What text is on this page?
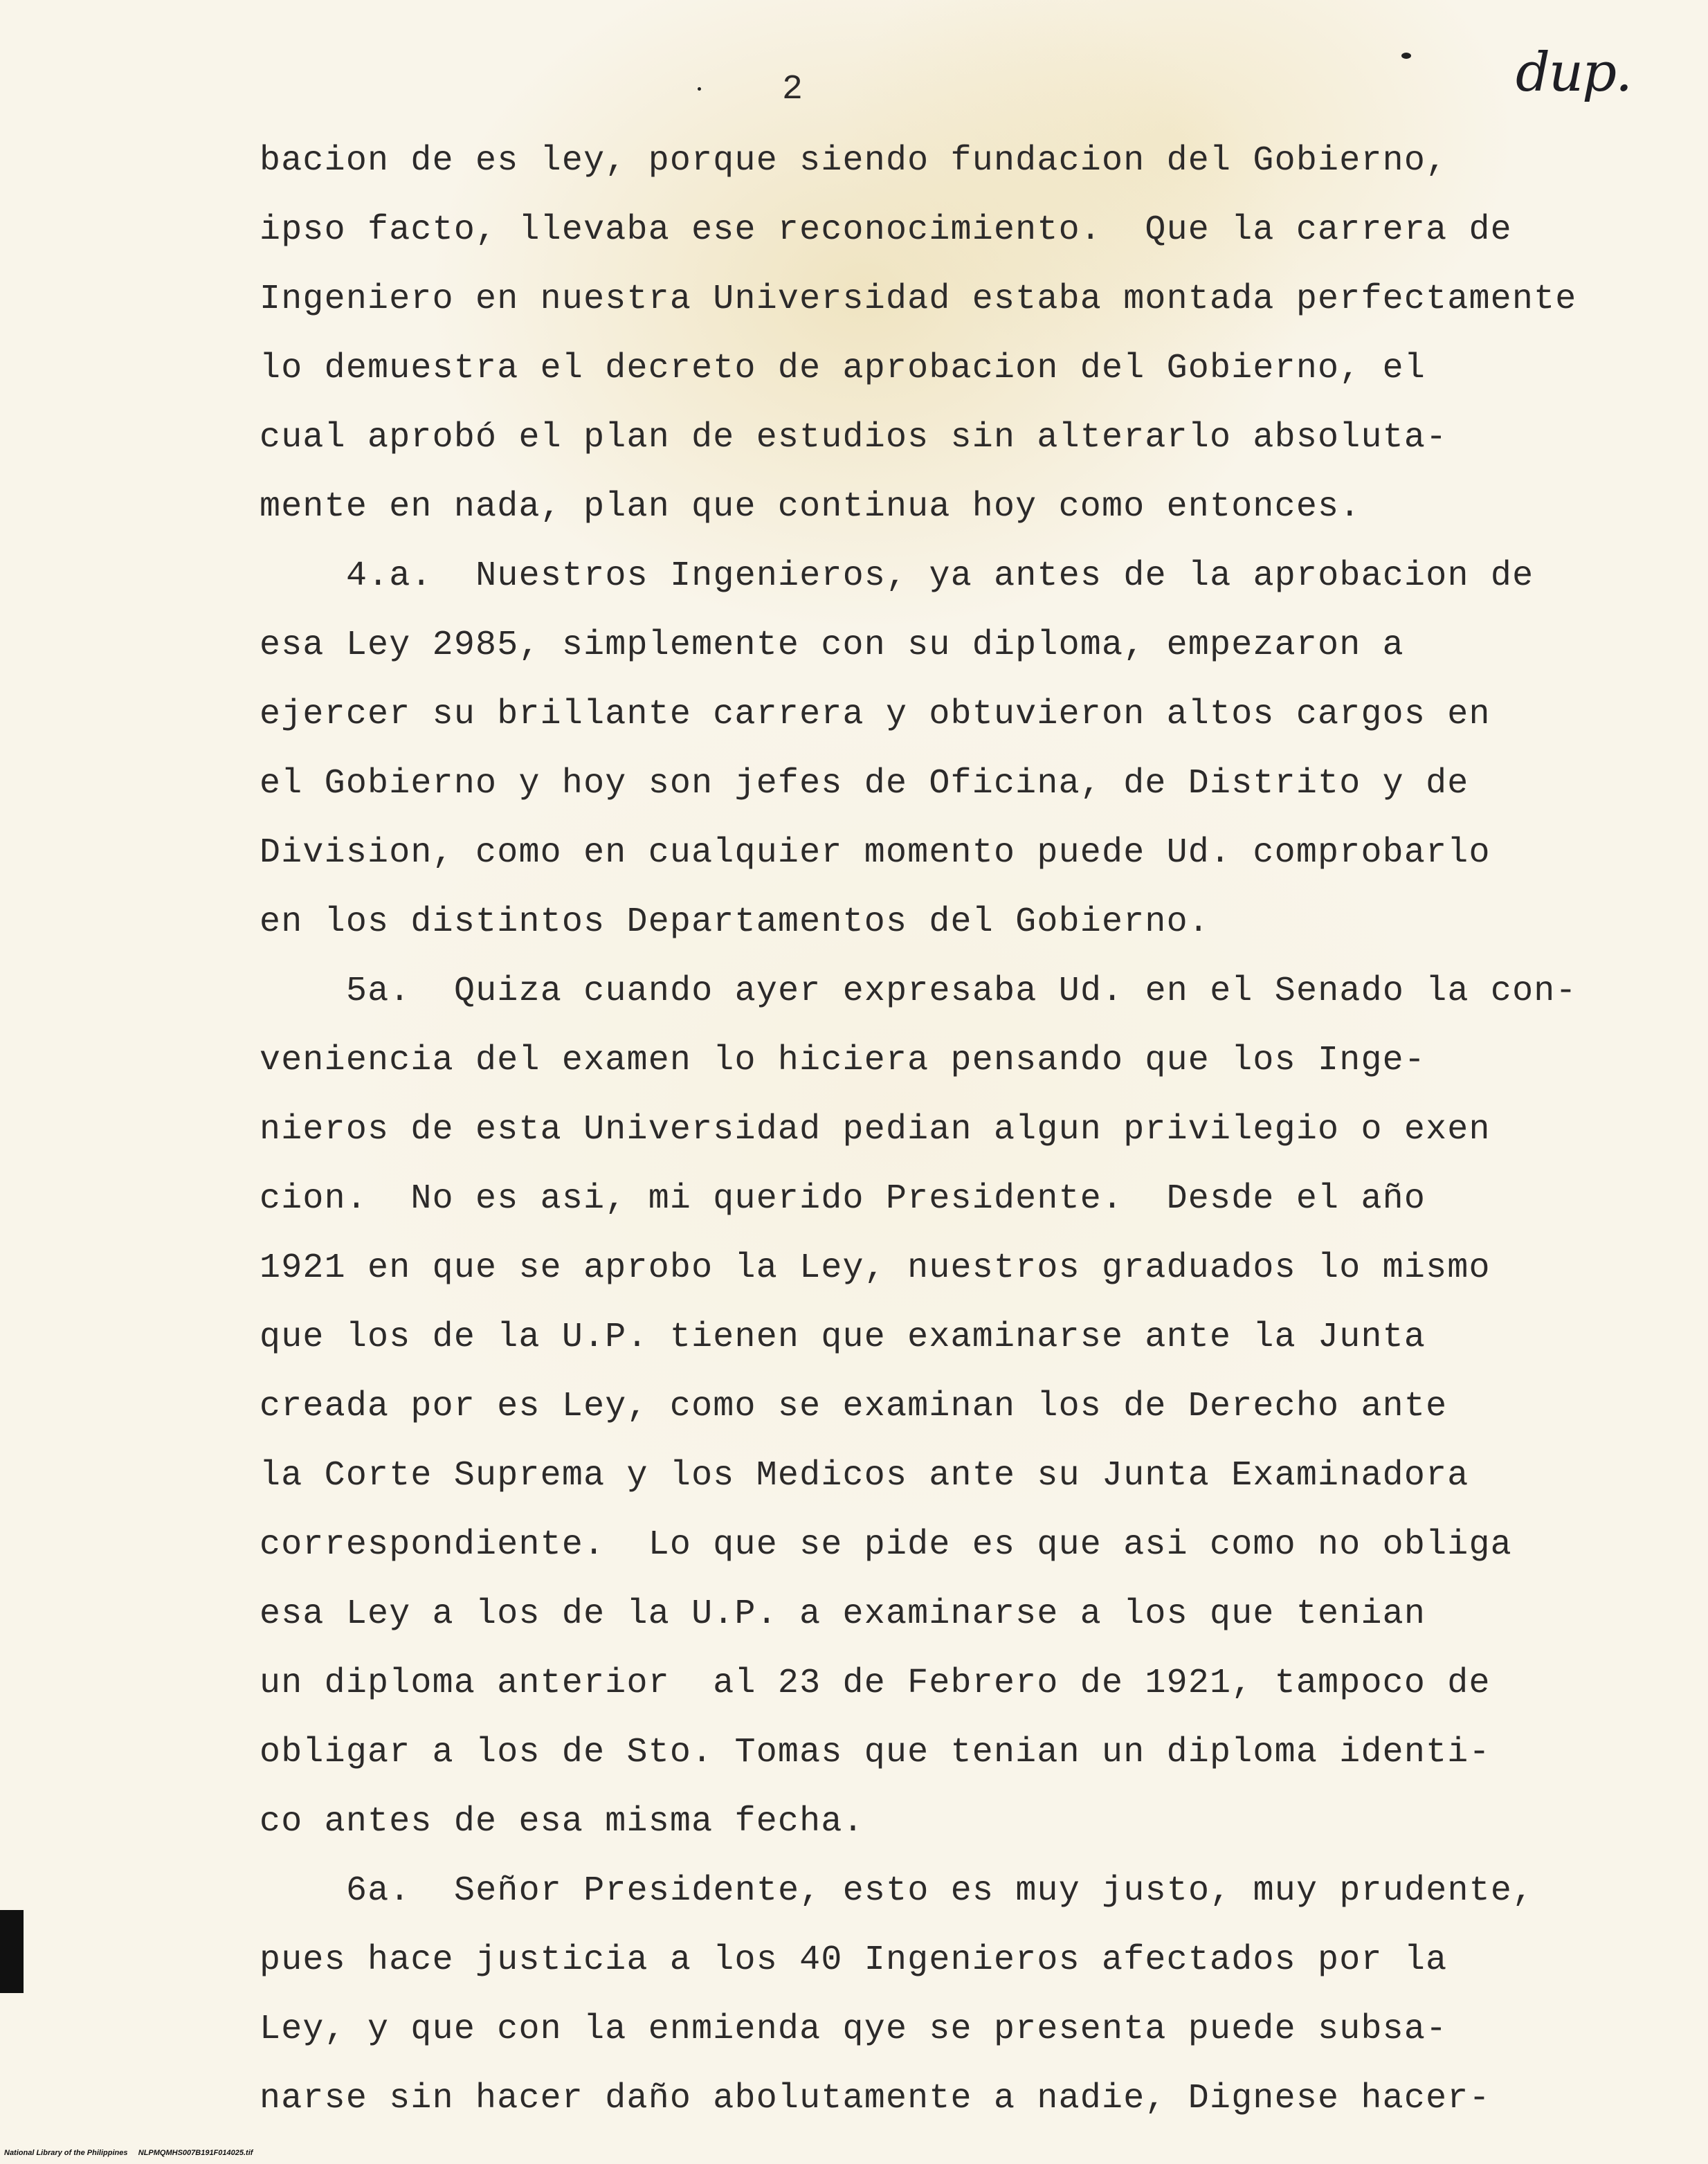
2	dup.
bacion de es ley, porque siendo fundacion del Gobierno,
ipso facto, llevaba ese reconocimiento.  Que la carrera de
Ingeniero en nuestra Universidad estaba montada perfectamente
lo demuestra el decreto de aprobacion del Gobierno, el
cual aprobó el plan de estudios sin alterarlo absoluta-
mente en nada, plan que continua hoy como entonces.
4.a.  Nuestros Ingenieros, ya antes de la aprobacion de
esa Ley 2985, simplemente con su diploma, empezaron a
ejercer su brillante carrera y obtuvieron altos cargos en
el Gobierno y hoy son jefes de Oficina, de Distrito y de
Division, como en cualquier momento puede Ud. comprobarlo
en los distintos Departamentos del Gobierno.
5a.  Quiza cuando ayer expresaba Ud. en el Senado la con-
veniencia del examen lo hiciera pensando que los Inge-
nieros de esta Universidad pedian algun privilegio o exen
cion.  No es asi, mi querido Presidente.  Desde el año
1921 en que se aprobo la Ley, nuestros graduados lo mismo
que los de la U.P. tienen que examinarse ante la Junta
creada por es Ley, como se examinan los de Derecho ante
la Corte Suprema y los Medicos ante su Junta Examinadora
correspondiente.  Lo que se pide es que asi como no obliga
esa Ley a los de la U.P. a examinarse a los que tenian
un diploma anterior  al 23 de Febrero de 1921, tampoco de
obligar a los de Sto. Tomas que tenian un diploma identi-
co antes de esa misma fecha.
6a.  Señor Presidente, esto es muy justo, muy prudente,
pues hace justicia a los 40 Ingenieros afectados por la
Ley, y que con la enmienda qye se presenta puede subsa-
narse sin hacer daño abolutamente a nadie, Dignese hacer-
National Library of the Philippines     NLPMQMHS007B191F014025.tif
